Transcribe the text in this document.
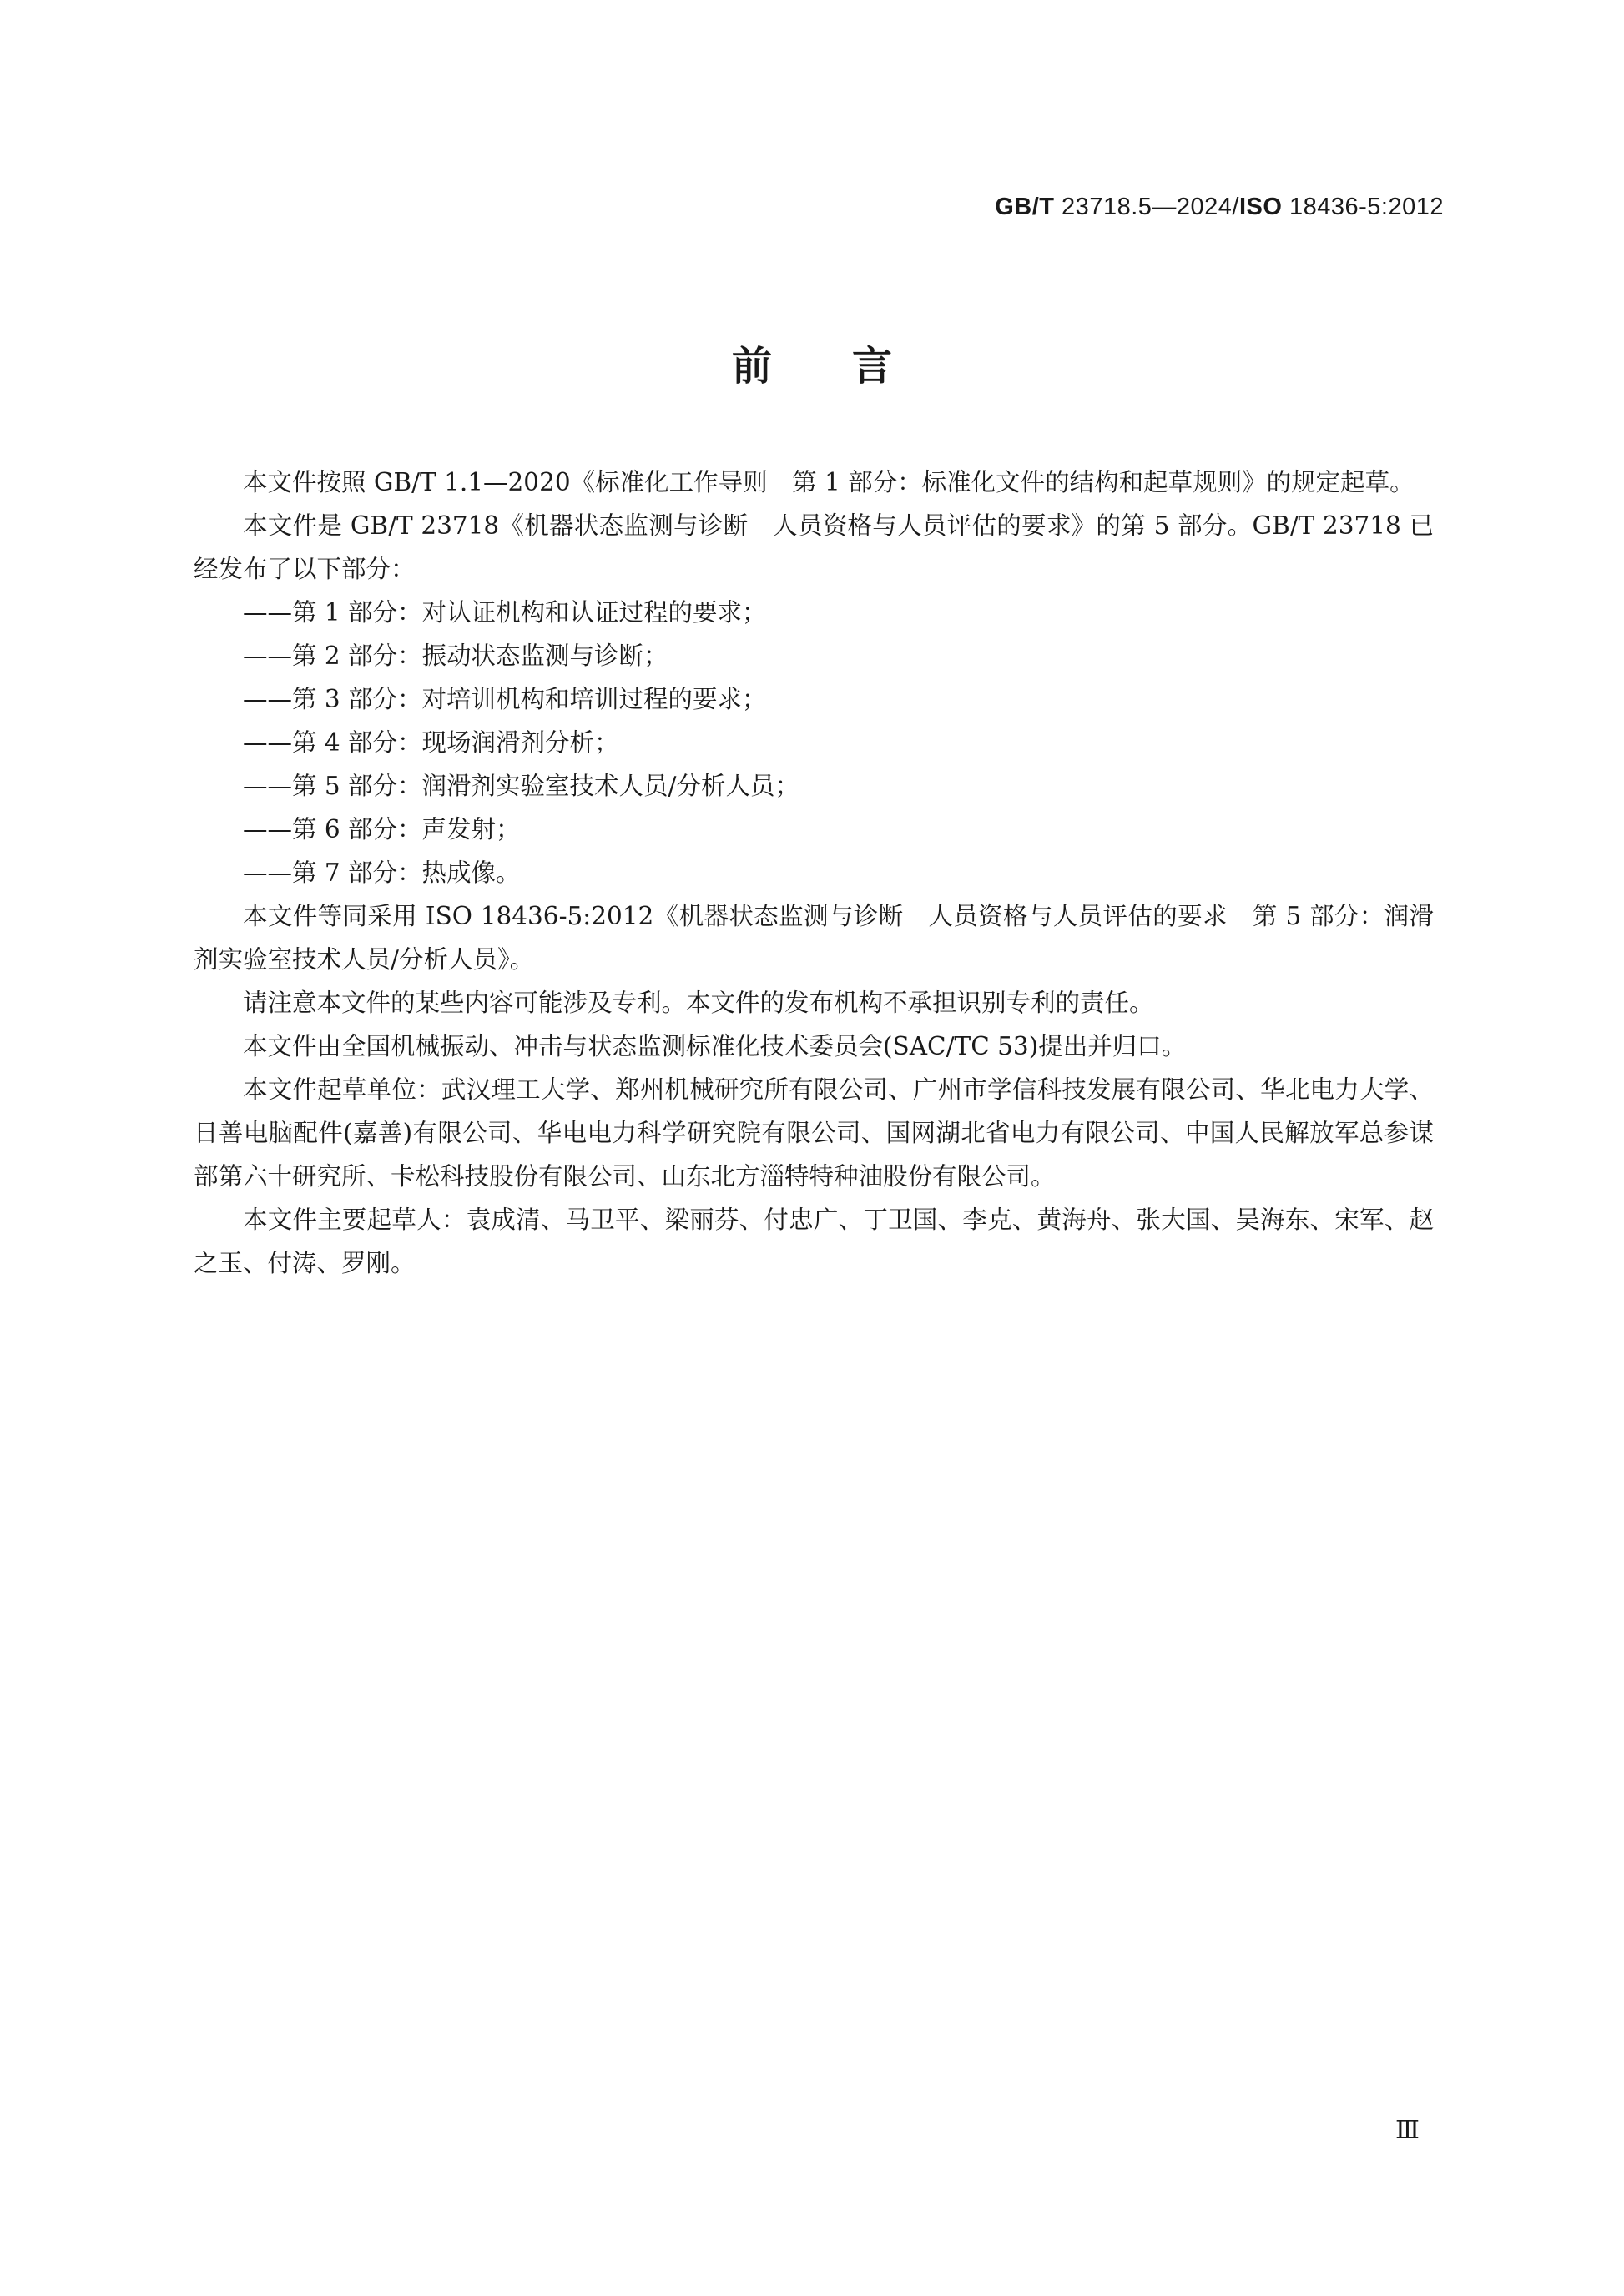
GB/T 23718.5—2024/ISO 18436-5:2012
前言

本文件按照 GB/T 1.1—2020《标准化工作导则　第 1 部分：标准化文件的结构和起草规则》的规定起草。

本文件是 GB/T 23718《机器状态监测与诊断　人员资格与人员评估的要求》的第 5 部分。GB/T 23718 已经发布了以下部分：

——第 1 部分：对认证机构和认证过程的要求；
——第 2 部分：振动状态监测与诊断；
——第 3 部分：对培训机构和培训过程的要求；
——第 4 部分：现场润滑剂分析；
——第 5 部分：润滑剂实验室技术人员/分析人员；
——第 6 部分：声发射；
——第 7 部分：热成像。

本文件等同采用 ISO 18436-5:2012《机器状态监测与诊断　人员资格与人员评估的要求　第 5 部分：润滑剂实验室技术人员/分析人员》。

请注意本文件的某些内容可能涉及专利。本文件的发布机构不承担识别专利的责任。

本文件由全国机械振动、冲击与状态监测标准化技术委员会(SAC/TC 53)提出并归口。

本文件起草单位：武汉理工大学、郑州机械研究所有限公司、广州市学信科技发展有限公司、华北电力大学、日善电脑配件(嘉善)有限公司、华电电力科学研究院有限公司、国网湖北省电力有限公司、中国人民解放军总参谋部第六十研究所、卡松科技股份有限公司、山东北方淄特特种油股份有限公司。

本文件主要起草人：袁成清、马卫平、梁丽芬、付忠广、丁卫国、李克、黄海舟、张大国、吴海东、宋军、赵之玉、付涛、罗刚。

Ⅲ
